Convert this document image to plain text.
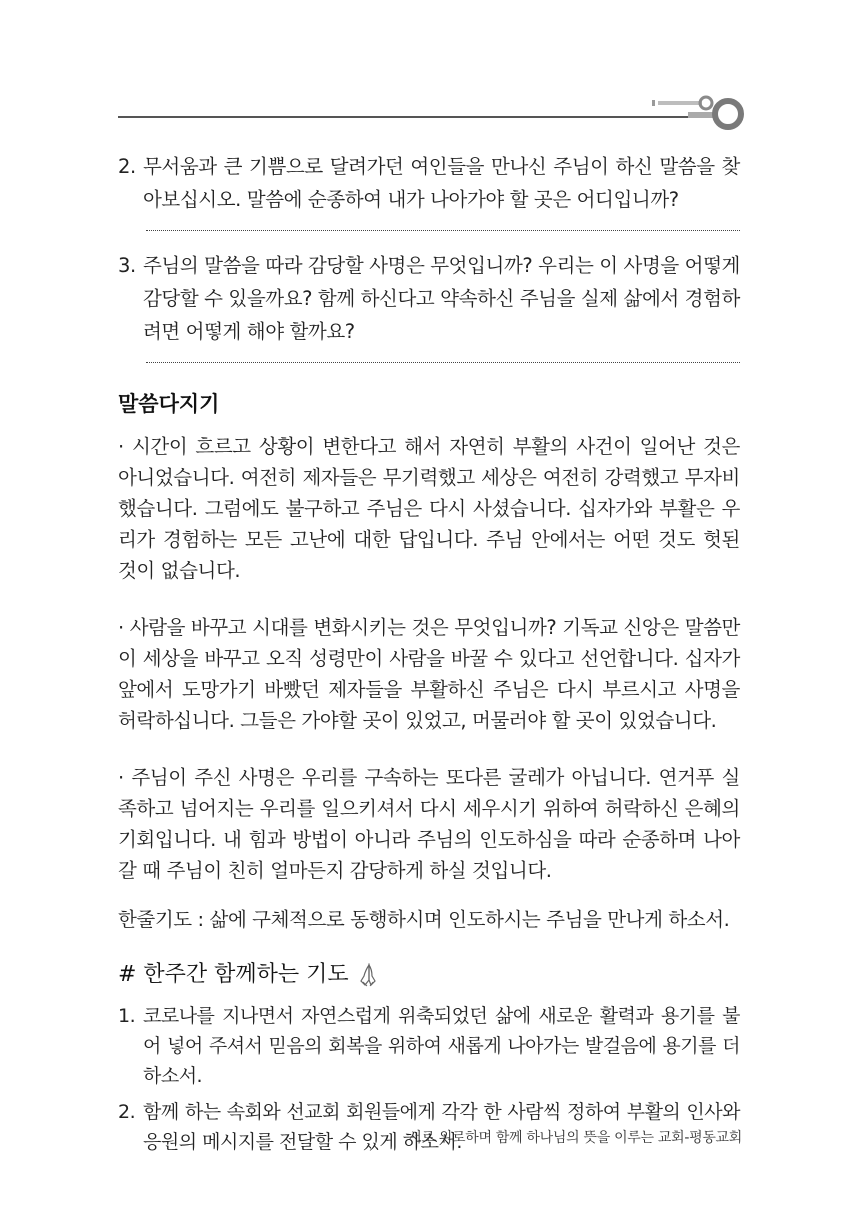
2. 무서움과 큰 기쁨으로 달려가던 여인들을 만나신 주님이 하신 말씀을 찾아보십시오. 말씀에 순종하여 내가 나아가야 할 곳은 어디입니까?
3. 주님의 말씀을 따라 감당할 사명은 무엇입니까? 우리는 이 사명을 어떻게 감당할 수 있을까요? 함께 하신다고 약속하신 주님을 실제 삶에서 경험하려면 어떻게 해야 할까요?
말씀다지기
· 시간이 흐르고 상황이 변한다고 해서 자연히 부활의 사건이 일어난 것은 아니었습니다. 여전히 제자들은 무기력했고 세상은 여전히 강력했고 무자비했습니다. 그럼에도 불구하고 주님은 다시 사셨습니다. 십자가와 부활은 우리가 경험하는 모든 고난에 대한 답입니다. 주님 안에서는 어떤 것도 헛된 것이 없습니다.
· 사람을 바꾸고 시대를 변화시키는 것은 무엇입니까? 기독교 신앙은 말씀만이 세상을 바꾸고 오직 성령만이 사람을 바꿀 수 있다고 선언합니다. 십자가 앞에서 도망가기 바빴던 제자들을 부활하신 주님은 다시 부르시고 사명을 허락하십니다. 그들은 가야할 곳이 있었고, 머물러야 할 곳이 있었습니다.
· 주님이 주신 사명은 우리를 구속하는 또다른 굴레가 아닙니다. 연거푸 실족하고 넘어지는 우리를 일으키셔서 다시 세우시기 위하여 허락하신 은혜의 기회입니다. 내 힘과 방법이 아니라 주님의 인도하심을 따라 순종하며 나아갈 때 주님이 친히 얼마든지 감당하게 하실 것입니다.
한줄기도 : 삶에 구체적으로 동행하시며 인도하시는 주님을 만나게 하소서.
# 한주간 함께하는 기도
1. 코로나를 지나면서 자연스럽게 위축되었던 삶에 새로운 활력과 용기를 불어 넣어 주셔서 믿음의 회복을 위하여 새롭게 나아가는 발걸음에 용기를 더하소서.
2. 함께 하는 속회와 선교회 회원들에게 각각 한 사람씩 정하여 부활의 인사와 응원의 메시지를 전달할 수 있게 하소서.
서로 위로하며 함께 하나님의 뜻을 이루는 교회-평동교회
